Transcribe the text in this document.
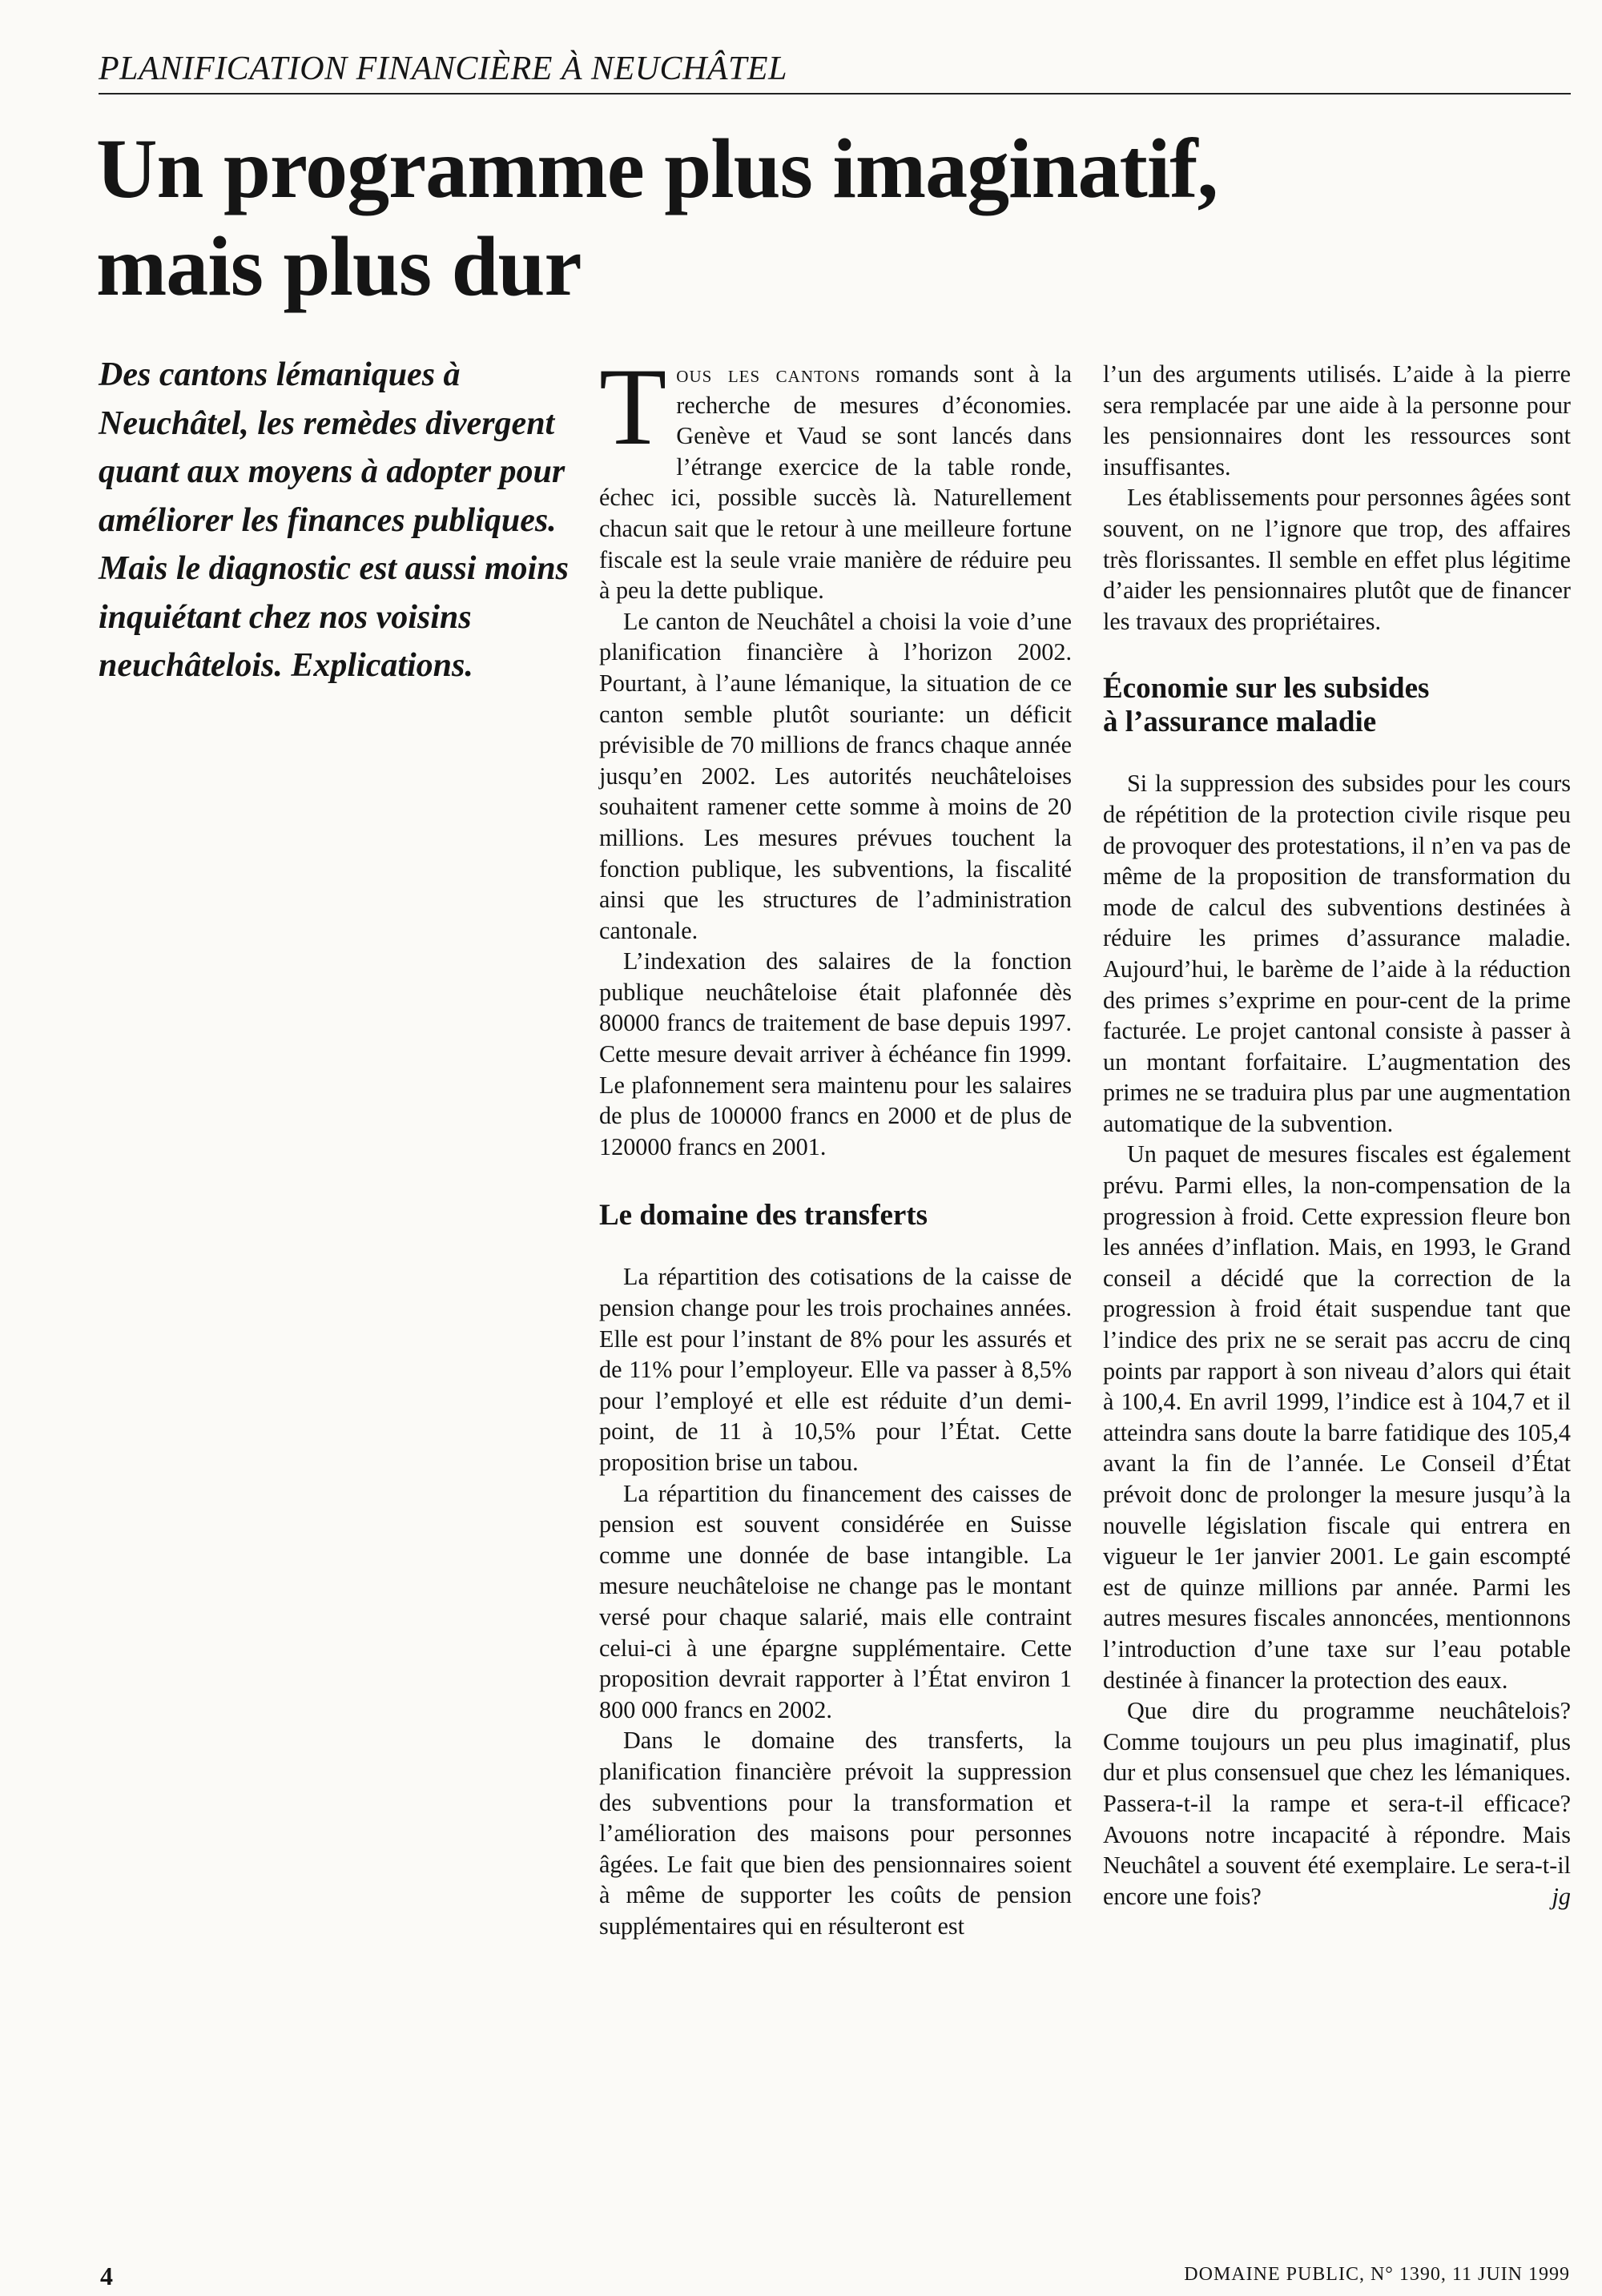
PLANIFICATION FINANCIÈRE À NEUCHÂTEL
Un programme plus imaginatif,
mais plus dur

Des cantons lémaniques à Neuchâtel, les remèdes divergent quant aux moyens à adopter pour améliorer les finances publiques.

Mais le diagnostic est aussi moins inquiétant chez nos voisins neuchâtelois. Explications.

Tous les cantons romands sont à la recherche de mesures d’économies. Genève et Vaud se sont lancés dans l’étrange exercice de la table ronde, échec ici, possible succès là. Naturellement chacun sait que le retour à une meilleure fortune fiscale est la seule vraie manière de réduire peu à peu la dette publique.

Le canton de Neuchâtel a choisi la voie d’une planification financière à l’horizon 2002. Pourtant, à l’aune lémanique, la situation de ce canton semble plutôt souriante: un déficit prévisible de 70 millions de francs chaque année jusqu’en 2002. Les autorités neuchâteloises souhaitent ramener cette somme à moins de 20 millions. Les mesures prévues touchent la fonction publique, les subventions, la fiscalité ainsi que les structures de l’administration cantonale.

L’indexation des salaires de la fonction publique neuchâteloise était plafonnée dès 80000 francs de traitement de base depuis 1997. Cette mesure devait arriver à échéance fin 1999. Le plafonnement sera maintenu pour les salaires de plus de 100000 francs en 2000 et de plus de 120000 francs en 2001.

Le domaine des transferts

La répartition des cotisations de la caisse de pension change pour les trois prochaines années. Elle est pour l’instant de 8% pour les assurés et de 11% pour l’employeur. Elle va passer à 8,5% pour l’employé et elle est réduite d’un demi-point, de 11 à 10,5% pour l’État. Cette proposition brise un tabou.

La répartition du financement des caisses de pension est souvent considérée en Suisse comme une donnée de base intangible. La mesure neuchâteloise ne change pas le montant versé pour chaque salarié, mais elle contraint celui-ci à une épargne supplémentaire. Cette proposition devrait rapporter à l’État environ 1 800 000 francs en 2002.

Dans le domaine des transferts, la planification financière prévoit la suppression des subventions pour la transformation et l’amélioration des maisons pour personnes âgées. Le fait que bien des pensionnaires soient à même de supporter les coûts de pension supplémentaires qui en résulteront est

l’un des arguments utilisés. L’aide à la pierre sera remplacée par une aide à la personne pour les pensionnaires dont les ressources sont insuffisantes.

Les établissements pour personnes âgées sont souvent, on ne l’ignore que trop, des affaires très florissantes. Il semble en effet plus légitime d’aider les pensionnaires plutôt que de financer les travaux des propriétaires.

Économie sur les subsides
à l’assurance maladie

Si la suppression des subsides pour les cours de répétition de la protection civile risque peu de provoquer des protestations, il n’en va pas de même de la proposition de transformation du mode de calcul des subventions destinées à réduire les primes d’assurance maladie. Aujourd’hui, le barème de l’aide à la réduction des primes s’exprime en pour-cent de la prime facturée. Le projet cantonal consiste à passer à un montant forfaitaire. L’augmentation des primes ne se traduira plus par une augmentation automatique de la subvention.

Un paquet de mesures fiscales est également prévu. Parmi elles, la non-compensation de la progression à froid. Cette expression fleure bon les années d’inflation. Mais, en 1993, le Grand conseil a décidé que la correction de la progression à froid était suspendue tant que l’indice des prix ne se serait pas accru de cinq points par rapport à son niveau d’alors qui était à 100,4. En avril 1999, l’indice est à 104,7 et il atteindra sans doute la barre fatidique des 105,4 avant la fin de l’année. Le Conseil d’État prévoit donc de prolonger la mesure jusqu’à la nouvelle législation fiscale qui entrera en vigueur le 1er janvier 2001. Le gain escompté est de quinze millions par année. Parmi les autres mesures fiscales annoncées, mentionnons l’introduction d’une taxe sur l’eau potable destinée à financer la protection des eaux.

Que dire du programme neuchâtelois? Comme toujours un peu plus imaginatif, plus dur et plus consensuel que chez les lémaniques. Passera-t-il la rampe et sera-t-il efficace? Avouons notre incapacité à répondre. Mais Neuchâtel a souvent été exemplaire. Le sera-t-il encore une fois?	jg

4	DOMAINE PUBLIC, N° 1390, 11 JUIN 1999
